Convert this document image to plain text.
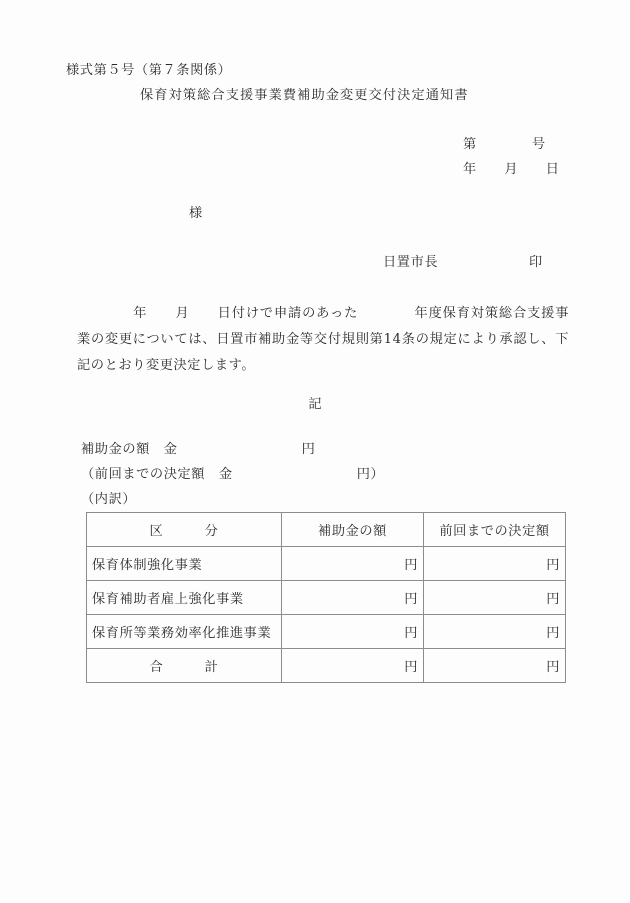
様式第５号（第７条関係）
保育対策総合支援事業費補助金変更交付決定通知書
第　　　　号
年　　月　　日
様
日置市長	印
　　　　年　　月　　日付けで申請のあった　　　　年度保育対策総合支援事業の変更については、日置市補助金等交付規則第14条の規定により承認し、下記のとおり変更決定します。
記
補助金の額　金　　　　　　　　　円
（前回までの決定額　金　　　　　　　　　円）
（内訳）
区　　　分	補助金の額	前回までの決定額
保育体制強化事業	円	円
保育補助者雇上強化事業	円	円
保育所等業務効率化推進事業	円	円
合　　　計	円	円
